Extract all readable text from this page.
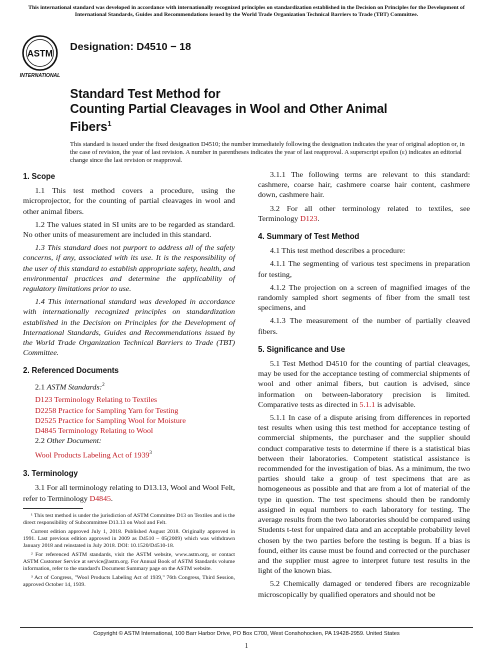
This international standard was developed in accordance with internationally recognized principles on standardization established in the Decision on Principles for the Development of International Standards, Guides and Recommendations issued by the World Trade Organization Technical Barriers to Trade (TBT) Committee.
ASTM
INTERNATIONAL
Designation: D4510 − 18
Standard Test Method for
Counting Partial Cleavages in Wool and Other Animal
Fibers$^1$
This standard is issued under the fixed designation D4510; the number immediately following the designation indicates the year of original adoption or, in the case of revision, the year of last revision. A number in parentheses indicates the year of last reapproval. A superscript epsilon (ε) indicates an editorial change since the last revision or reapproval.
1. Scope

1.1 This test method covers a procedure, using the microprojector, for the counting of partial cleavages in wool and other animal fibers.

1.2 The values stated in SI units are to be regarded as standard. No other units of measurement are included in this standard.

1.3 This standard does not purport to address all of the safety concerns, if any, associated with its use. It is the responsibility of the user of this standard to establish appropriate safety, health, and environmental practices and determine the applicability of regulatory limitations prior to use.

1.4 This international standard was developed in accordance with internationally recognized principles on standardization established in the Decision on Principles for the Development of International Standards, Guides and Recommendations issued by the World Trade Organization Technical Barriers to Trade (TBT) Committee.

2. Referenced Documents

2.1 ASTM Standards:$^2$

D123 Terminology Relating to Textiles
D2258 Practice for Sampling Yarn for Testing
D2525 Practice for Sampling Wool for Moisture
D4845 Terminology Relating to Wool

2.2 Other Document:

Wool Products Labeling Act of 1939$^3$
3. Terminology

3.1 For all terminology relating to D13.13, Wool and Wool Felt, refer to Terminology D4845.

3.1.1 The following terms are relevant to this standard: cashmere, coarse hair, cashmere coarse hair content, cashmere down, cashmere hair.

3.2 For all other terminology related to textiles, see Terminology D123.

4. Summary of Test Method

4.1 This test method describes a procedure:

4.1.1 The segmenting of various test specimens in preparation for testing,

4.1.2 The projection on a screen of magnified images of the randomly sampled short segments of fiber from the small test specimens, and

4.1.3 The measurement of the number of partially cleaved fibers.

5. Significance and Use

5.1 Test Method D4510 for the counting of partial cleavages, may be used for the acceptance testing of commercial shipments of wool and other animal fibers, but caution is advised, since information on between-laboratory precision is limited. Comparative tests as directed in 5.1.1 is advisable.

5.1.1 In case of a dispute arising from differences in reported test results when using this test method for acceptance testing of commercial shipments, the purchaser and the supplier should conduct comparative tests to determine if there is a statistical bias between their laboratories. Competent statistical assistance is recommended for the investigation of bias. As a minimum, the two parties should take a group of test specimens that are as homogeneous as possible and that are from a lot of material of the type in question. The test specimens should then be randomly assigned in equal numbers to each laboratory for testing. The average results from the two laboratories should be compared using Students t-test for unpaired data and an acceptable probability level chosen by the two parties before the testing is begun. If a bias is found, either its cause must be found and corrected or the purchaser and the supplier must agree to interpret future test results in the light of the known bias.

5.2 Chemically damaged or tendered fibers are recognizable microscopically by qualified operators and should not be

¹ This test method is under the jurisdiction of ASTM Committee D13 on Textiles and is the direct responsibility of Subcommittee D13.13 on Wool and Felt.

Current edition approved July 1, 2018. Published August 2018. Originally approved in 1991. Last previous edition approved in 2009 as D4510 – 05(2009) which was withdrawn January 2018 and reinstated in July 2018. DOI: 10.1520/D4510-18.

² For referenced ASTM standards, visit the ASTM website, www.astm.org, or contact ASTM Customer Service at service@astm.org. For Annual Book of ASTM Standards volume information, refer to the standard's Document Summary page on the ASTM website.

³ Act of Congress, "Wool Products Labeling Act of 1939," 76th Congress, Third Session, approved October 14, 1939.

Copyright © ASTM International, 100 Barr Harbor Drive, PO Box C700, West Conshohocken, PA 19428-2959. United States
1
